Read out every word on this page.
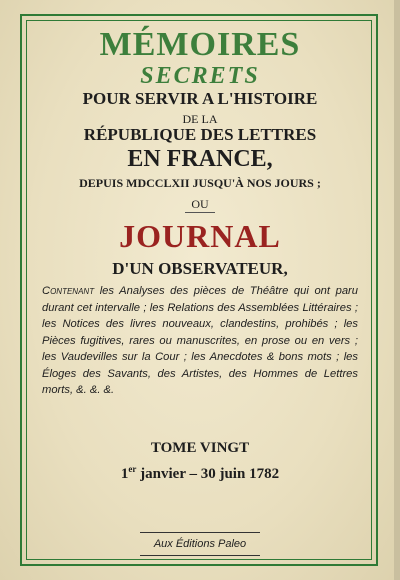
MÉMOIRES
SECRETS
POUR SERVIR A L'HISTOIRE
DE LA
RÉPUBLIQUE DES LETTRES
EN FRANCE,
DEPUIS MDCCLXII JUSQU'À NOS JOURS ;
OU
JOURNAL
D'UN OBSERVATEUR,
Contenant les Analyses des pièces de Théâtre qui ont paru durant cet intervalle ; les Relations des Assemblées Littéraires ; les Notices des livres nouveaux, clandestins, prohibés ; les Pièces fugitives, rares ou manuscrites, en prose ou en vers ; les Vaudevilles sur la Cour ; les Anecdotes & bons mots ; les Éloges des Savants, des Artistes, des Hommes de Lettres morts, &. &. &.
TOME VINGT
1er janvier – 30 juin 1782
Aux Éditions Paleo
